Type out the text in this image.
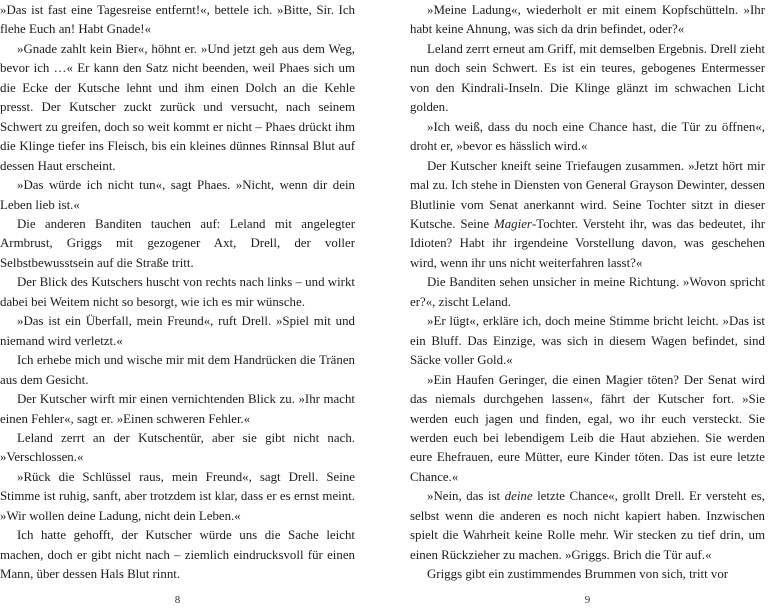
»Das ist fast eine Tagesreise entfernt!«, bettele ich. »Bitte, Sir. Ich flehe Euch an! Habt Gnade!«

»Gnade zahlt kein Bier«, höhnt er. »Und jetzt geh aus dem Weg, bevor ich …« Er kann den Satz nicht beenden, weil Phaes sich um die Ecke der Kutsche lehnt und ihm einen Dolch an die Kehle presst. Der Kutscher zuckt zurück und versucht, nach seinem Schwert zu greifen, doch so weit kommt er nicht – Phaes drückt ihm die Klinge tiefer ins Fleisch, bis ein kleines dünnes Rinnsal Blut auf dessen Haut erscheint.

»Das würde ich nicht tun«, sagt Phaes. »Nicht, wenn dir dein Leben lieb ist.«

Die anderen Banditen tauchen auf: Leland mit angelegter Armbrust, Griggs mit gezogener Axt, Drell, der voller Selbstbewusstsein auf die Straße tritt.

Der Blick des Kutschers huscht von rechts nach links – und wirkt dabei bei Weitem nicht so besorgt, wie ich es mir wünsche.

»Das ist ein Überfall, mein Freund«, ruft Drell. »Spiel mit und niemand wird verletzt.«

Ich erhebe mich und wische mir mit dem Handrücken die Tränen aus dem Gesicht.

Der Kutscher wirft mir einen vernichtenden Blick zu. »Ihr macht einen Fehler«, sagt er. »Einen schweren Fehler.«

Leland zerrt an der Kutschentür, aber sie gibt nicht nach. »Verschlossen.«

»Rück die Schlüssel raus, mein Freund«, sagt Drell. Seine Stimme ist ruhig, sanft, aber trotzdem ist klar, dass er es ernst meint. »Wir wollen deine Ladung, nicht dein Leben.«

Ich hatte gehofft, der Kutscher würde uns die Sache leicht machen, doch er gibt nicht nach – ziemlich eindrucksvoll für einen Mann, über dessen Hals Blut rinnt.

8

»Meine Ladung«, wiederholt er mit einem Kopfschütteln. »Ihr habt keine Ahnung, was sich da drin befindet, oder?«

Leland zerrt erneut am Griff, mit demselben Ergebnis. Drell zieht nun doch sein Schwert. Es ist ein teures, gebogenes Entermesser von den Kindrali-Inseln. Die Klinge glänzt im schwachen Licht golden.

»Ich weiß, dass du noch eine Chance hast, die Tür zu öffnen«, droht er, »bevor es hässlich wird.«

Der Kutscher kneift seine Triefaugen zusammen. »Jetzt hört mir mal zu. Ich stehe in Diensten von General Grayson Dewinter, dessen Blutlinie vom Senat anerkannt wird. Seine Tochter sitzt in dieser Kutsche. Seine Magier-Tochter. Versteht ihr, was das bedeutet, ihr Idioten? Habt ihr irgendeine Vorstellung davon, was geschehen wird, wenn ihr uns nicht weiterfahren lasst?«

Die Banditen sehen unsicher in meine Richtung. »Wovon spricht er?«, zischt Leland.

»Er lügt«, erkläre ich, doch meine Stimme bricht leicht. »Das ist ein Bluff. Das Einzige, was sich in diesem Wagen befindet, sind Säcke voller Gold.«

»Ein Haufen Geringer, die einen Magier töten? Der Senat wird das niemals durchgehen lassen«, fährt der Kutscher fort. »Sie werden euch jagen und finden, egal, wo ihr euch versteckt. Sie werden euch bei lebendigem Leib die Haut abziehen. Sie werden eure Ehefrauen, eure Mütter, eure Kinder töten. Das ist eure letzte Chance.«

»Nein, das ist deine letzte Chance«, grollt Drell. Er versteht es, selbst wenn die anderen es noch nicht kapiert haben. Inzwischen spielt die Wahrheit keine Rolle mehr. Wir stecken zu tief drin, um einen Rückzieher zu machen. »Griggs. Brich die Tür auf.«

Griggs gibt ein zustimmendes Brummen von sich, tritt vor

9
